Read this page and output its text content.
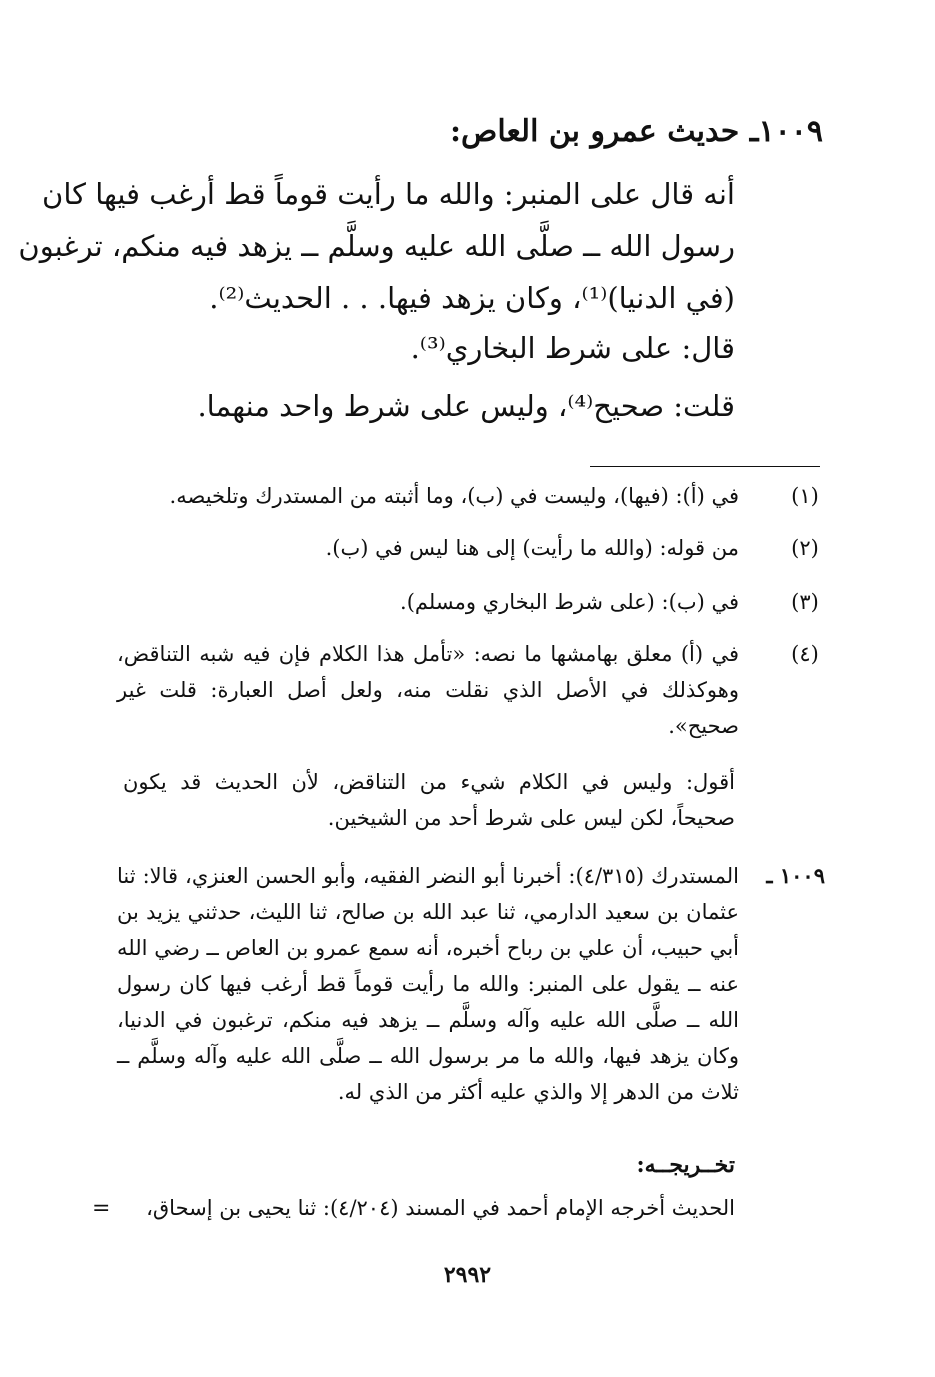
١٠٠٩ـ حديث عمرو بن العاص:
أنه قال على المنبر: والله ما رأيت قوماً قط أرغب فيها كان
رسول الله ــ صلَّى الله عليه وسلَّم ــ يزهد فيه منكم، ترغبون
(في الدنيا)⁽¹⁾، وكان يزهد فيها. . . الحديث⁽²⁾.
قال: على شرط البخاري⁽³⁾.
قلت: صحيح⁽⁴⁾، وليس على شرط واحد منهما.
(١)
في (أ): (فيها)، وليست في (ب)، وما أثبته من المستدرك وتلخيصه.
(٢)
من قوله: (والله ما رأيت) إلى هنا ليس في (ب).
(٣)
في (ب): (على شرط البخاري ومسلم).
(٤)
في (أ) معلق بهامشها ما نصه: «تأمل هذا الكلام فإن فيه شبه التناقض، وهوكذلك في الأصل الذي نقلت منه، ولعل أصل العبارة: قلت غير صحيح».
أقول: وليس في الكلام شيء من التناقض، لأن الحديث قد يكون صحيحاً، لكن ليس على شرط أحد من الشيخين.
١٠٠٩ ـ
المستدرك (٤/٣١٥): أخبرنا أبو النضر الفقيه، وأبو الحسن العنزي، قالا: ثنا عثمان بن سعيد الدارمي، ثنا عبد الله بن صالح، ثنا الليث، حدثني يزيد بن أبي حبيب، أن علي بن رباح أخبره، أنه سمع عمرو بن العاص ــ رضي الله عنه ــ يقول على المنبر: والله ما رأيت قوماً قط أرغب فيها كان رسول الله ــ صلَّى الله عليه وآله وسلَّم ــ يزهد فيه منكم، ترغبون في الدنيا، وكان يزهد فيها، والله ما مر برسول الله ــ صلَّى الله عليه وآله وسلَّم ــ ثلاث من الدهر إلا والذي عليه أكثر من الذي له.
تخــريجــه:
الحديث أخرجه الإمام أحمد في المسند (٤/٢٠٤): ثنا يحيى بن إسحاق،
=
٢٩٩٢
